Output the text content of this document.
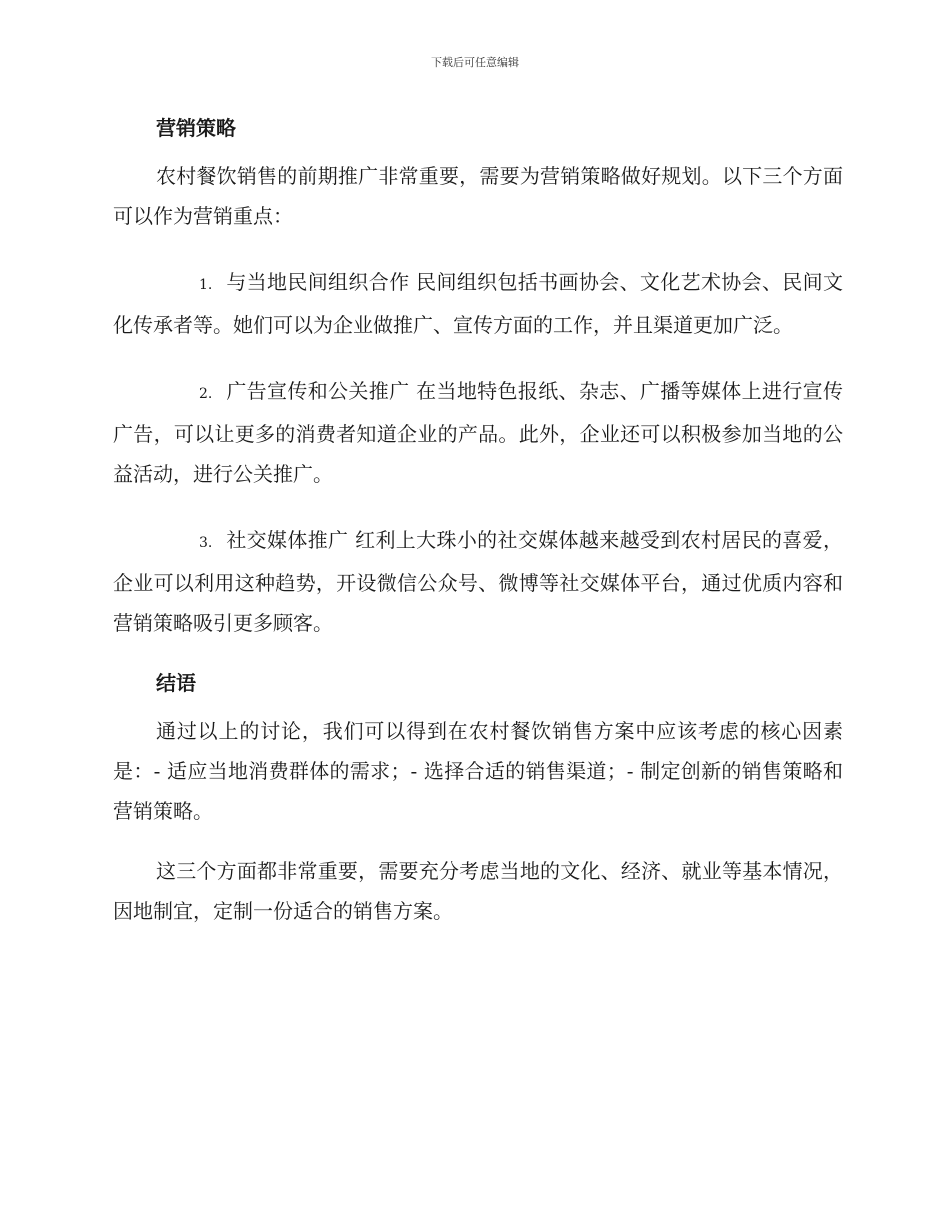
下载后可任意编辑
营销策略

农村餐饮销售的前期推广非常重要，需要为营销策略做好规划。以下三个方面可以作为营销重点：

1. 与当地民间组织合作 民间组织包括书画协会、文化艺术协会、民间文化传承者等。她们可以为企业做推广、宣传方面的工作，并且渠道更加广泛。

2. 广告宣传和公关推广 在当地特色报纸、杂志、广播等媒体上进行宣传广告，可以让更多的消费者知道企业的产品。此外，企业还可以积极参加当地的公益活动，进行公关推广。

3. 社交媒体推广 红利上大珠小的社交媒体越来越受到农村居民的喜爱，企业可以利用这种趋势，开设微信公众号、微博等社交媒体平台，通过优质内容和营销策略吸引更多顾客。

结语

通过以上的讨论，我们可以得到在农村餐饮销售方案中应该考虑的核心因素是：- 适应当地消费群体的需求；- 选择合适的销售渠道；- 制定创新的销售策略和营销策略。

这三个方面都非常重要，需要充分考虑当地的文化、经济、就业等基本情况，因地制宜，定制一份适合的销售方案。
